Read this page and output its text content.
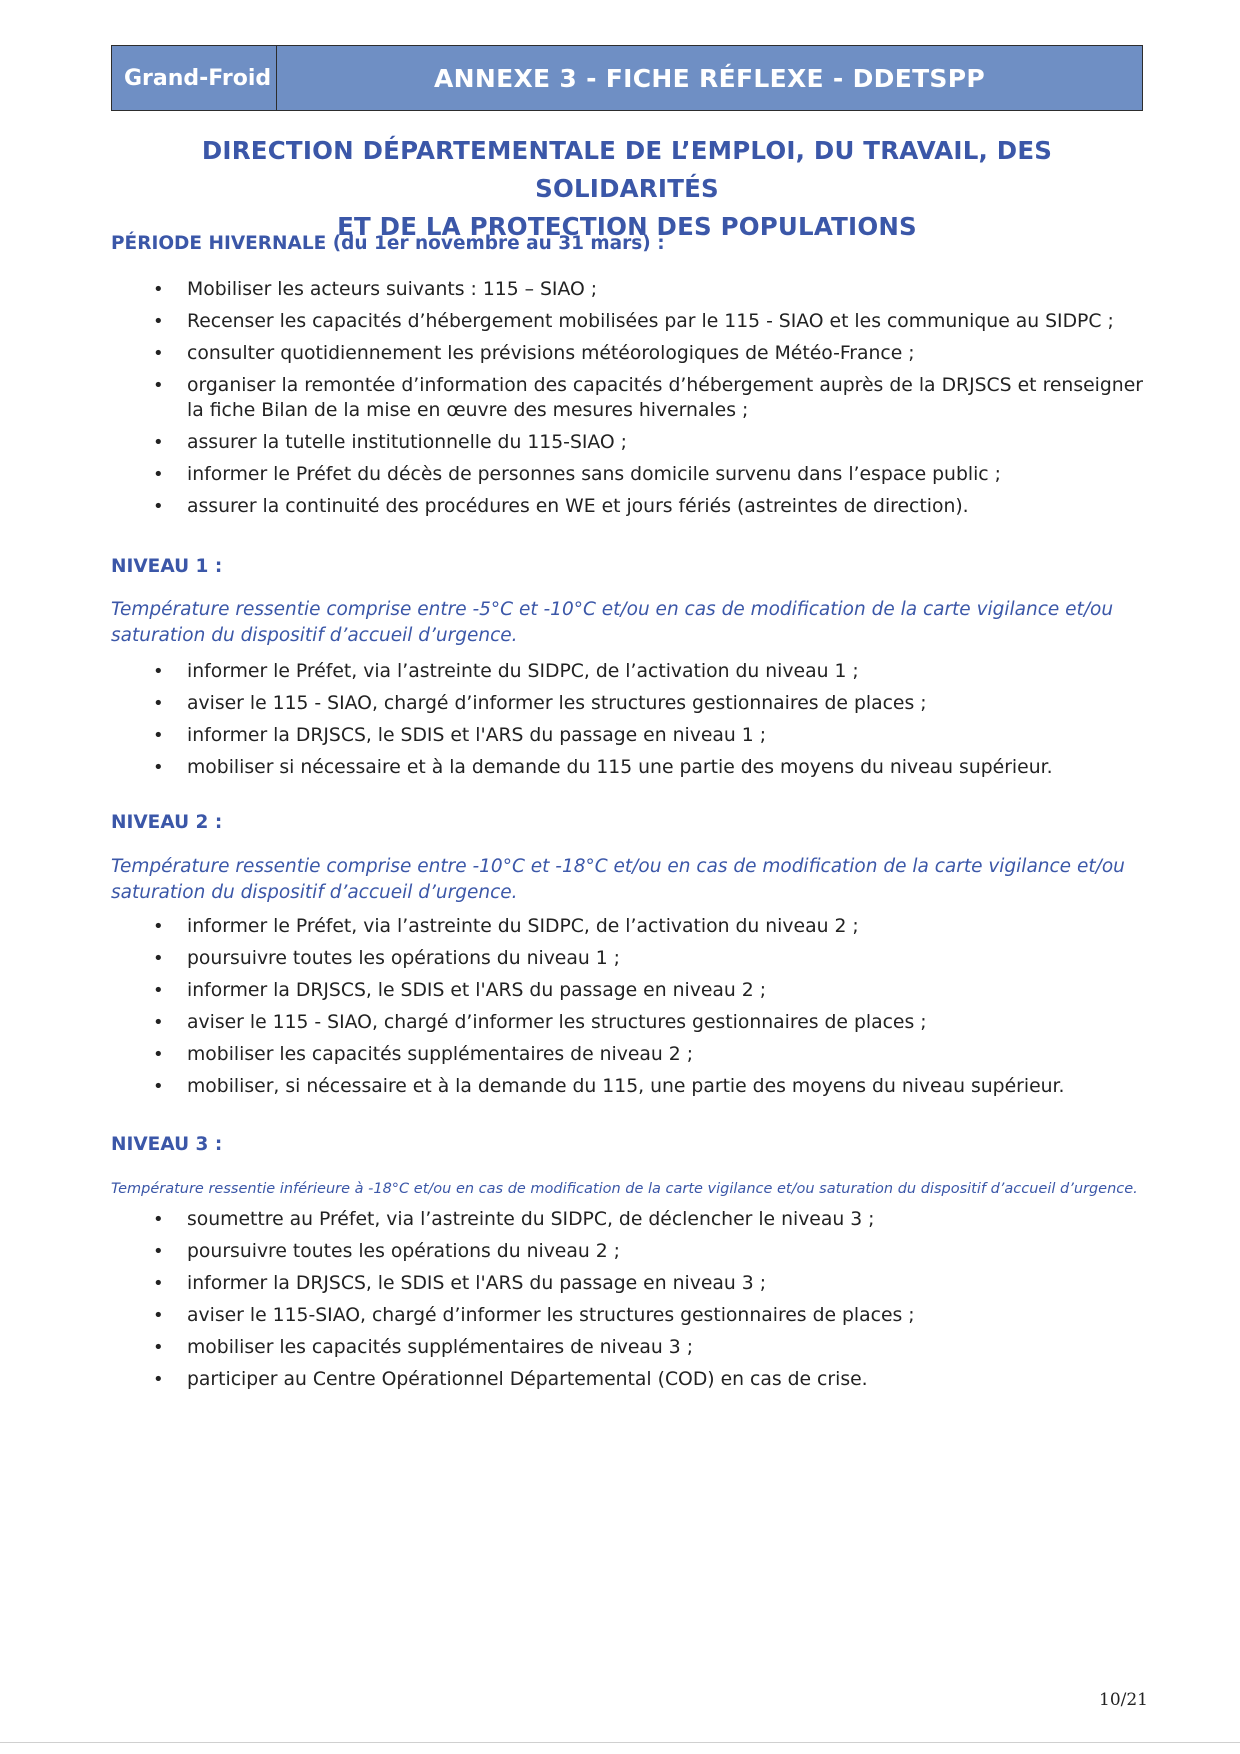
Grand-Froid	ANNEXE 3 - FICHE RÉFLEXE - DDETSPP
DIRECTION DÉPARTEMENTALE DE L’EMPLOI, DU TRAVAIL, DES SOLIDARITÉS
ET DE LA PROTECTION DES POPULATIONS
PÉRIODE HIVERNALE (du 1er novembre au 31 mars) :
• Mobiliser les acteurs suivants : 115 – SIAO ;
• Recenser les capacités d’hébergement mobilisées par le 115 - SIAO et les communique au SIDPC ;
• consulter quotidiennement les prévisions météorologiques de Météo-France ;
• organiser la remontée d’information des capacités d’hébergement auprès de la DRJSCS et renseigner la fiche Bilan de la mise en œuvre des mesures hivernales ;
• assurer la tutelle institutionnelle du 115-SIAO ;
• informer le Préfet du décès de personnes sans domicile survenu dans l’espace public ;
• assurer la continuité des procédures en WE et jours fériés (astreintes de direction).
NIVEAU 1 :
Température ressentie comprise entre -5°C et -10°C et/ou en cas de modification de la carte vigilance et/ou saturation du dispositif d’accueil d’urgence.
• informer le Préfet, via l’astreinte du SIDPC, de l’activation du niveau 1 ;
• aviser le 115 - SIAO, chargé d’informer les structures gestionnaires de places ;
• informer la DRJSCS, le SDIS et l'ARS du passage en niveau 1 ;
• mobiliser si nécessaire et à la demande du 115 une partie des moyens du niveau supérieur.
NIVEAU 2 :
Température ressentie comprise entre -10°C et -18°C et/ou en cas de modification de la carte vigilance et/ou saturation du dispositif d’accueil d’urgence.
• informer le Préfet, via l’astreinte du SIDPC, de l’activation du niveau 2 ;
• poursuivre toutes les opérations du niveau 1 ;
• informer la DRJSCS, le SDIS et l'ARS du passage en niveau 2 ;
• aviser le 115 - SIAO, chargé d’informer les structures gestionnaires de places ;
• mobiliser les capacités supplémentaires de niveau 2 ;
• mobiliser, si nécessaire et à la demande du 115, une partie des moyens du niveau supérieur.
NIVEAU 3 :
Température ressentie inférieure à -18°C et/ou en cas de modification de la carte vigilance et/ou saturation du dispositif d’accueil d’urgence.
• soumettre au Préfet, via l’astreinte du SIDPC, de déclencher le niveau 3 ;
• poursuivre toutes les opérations du niveau 2 ;
• informer la DRJSCS, le SDIS et l'ARS du passage en niveau 3 ;
• aviser le 115-SIAO, chargé d’informer les structures gestionnaires de places ;
• mobiliser les capacités supplémentaires de niveau 3 ;
• participer au Centre Opérationnel Départemental (COD) en cas de crise.
10/21
